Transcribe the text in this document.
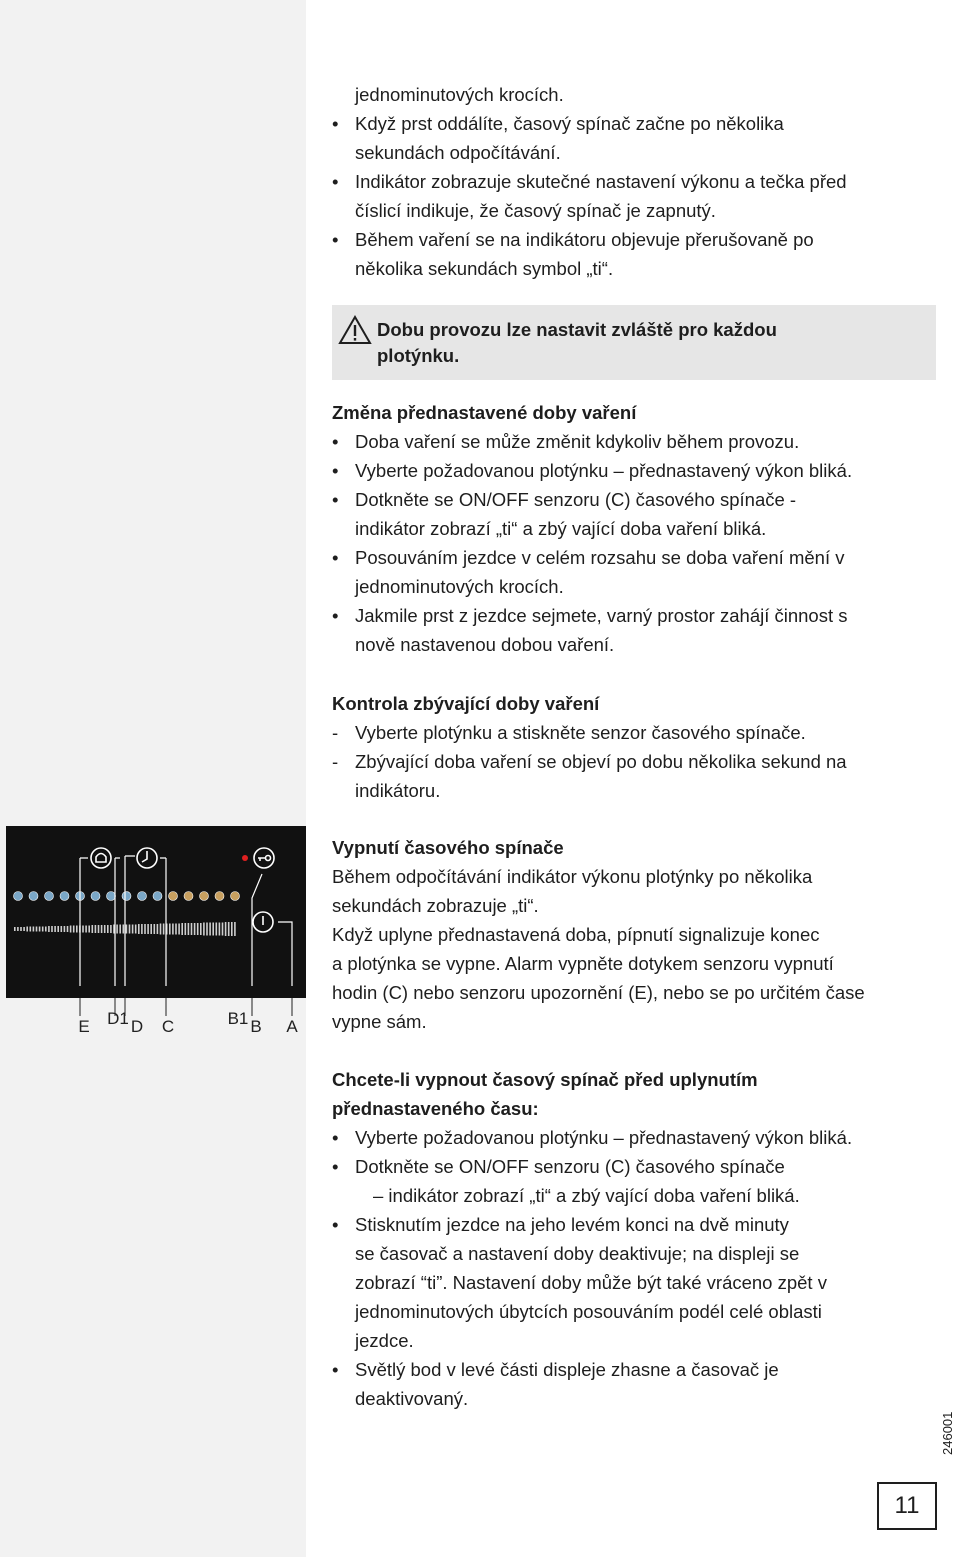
jednominutových krocích.
• Když prst oddálíte, časový spínač začne po několika
sekundách odpočítávání.
• Indikátor zobrazuje skutečné nastavení výkonu a tečka před
číslicí indikuje, že časový spínač je zapnutý.
• Během vaření se na indikátoru objevuje přerušovaně po
několika sekundách symbol „ti“.
Dobu provozu lze nastavit zvláště pro každou
plotýnku.
Změna přednastavené doby vaření
• Doba vaření se může změnit kdykoliv během provozu.
• Vyberte požadovanou plotýnku – přednastavený výkon bliká.
• Dotkněte se ON/OFF senzoru (C) časového spínače -
indikátor zobrazí „ti“ a zbý vající doba vaření bliká.
• Posouváním jezdce v celém rozsahu se doba vaření mění v
jednominutových krocích.
• Jakmile prst z jezdce sejmete, varný prostor zahájí činnost s
nově nastavenou dobou vaření.
Kontrola zbývající doby vaření
- Vyberte plotýnku a stiskněte senzor časového spínače.
- Zbývající doba vaření se objeví po dobu několika sekund na
indikátoru.
E D1 D C	B1 B A
Vypnutí časového spínače
Během odpočítávání indikátor výkonu plotýnky po několika
sekundách zobrazuje „ti“.
Když uplyne přednastavená doba, pípnutí signalizuje konec
a plotýnka se vypne. Alarm vypněte dotykem senzoru vypnutí
hodin (C) nebo senzoru upozornění (E), nebo se po určitém čase
vypne sám.
Chcete-li vypnout časový spínač před uplynutím
přednastaveného času:
• Vyberte požadovanou plotýnku – přednastavený výkon bliká.
• Dotkněte se ON/OFF senzoru (C) časového spínače
– indikátor zobrazí „ti“ a zbý vající doba vaření bliká.
• Stisknutím jezdce na jeho levém konci na dvě minuty
se časovač a nastavení doby deaktivuje; na displeji se
zobrazí “ti”. Nastavení doby může být také vráceno zpět v
jednominutových úbytcích posouváním podél celé oblasti
jezdce.
• Světlý bod v levé části displeje zhasne a časovač je
deaktivovaný.
246001
11
